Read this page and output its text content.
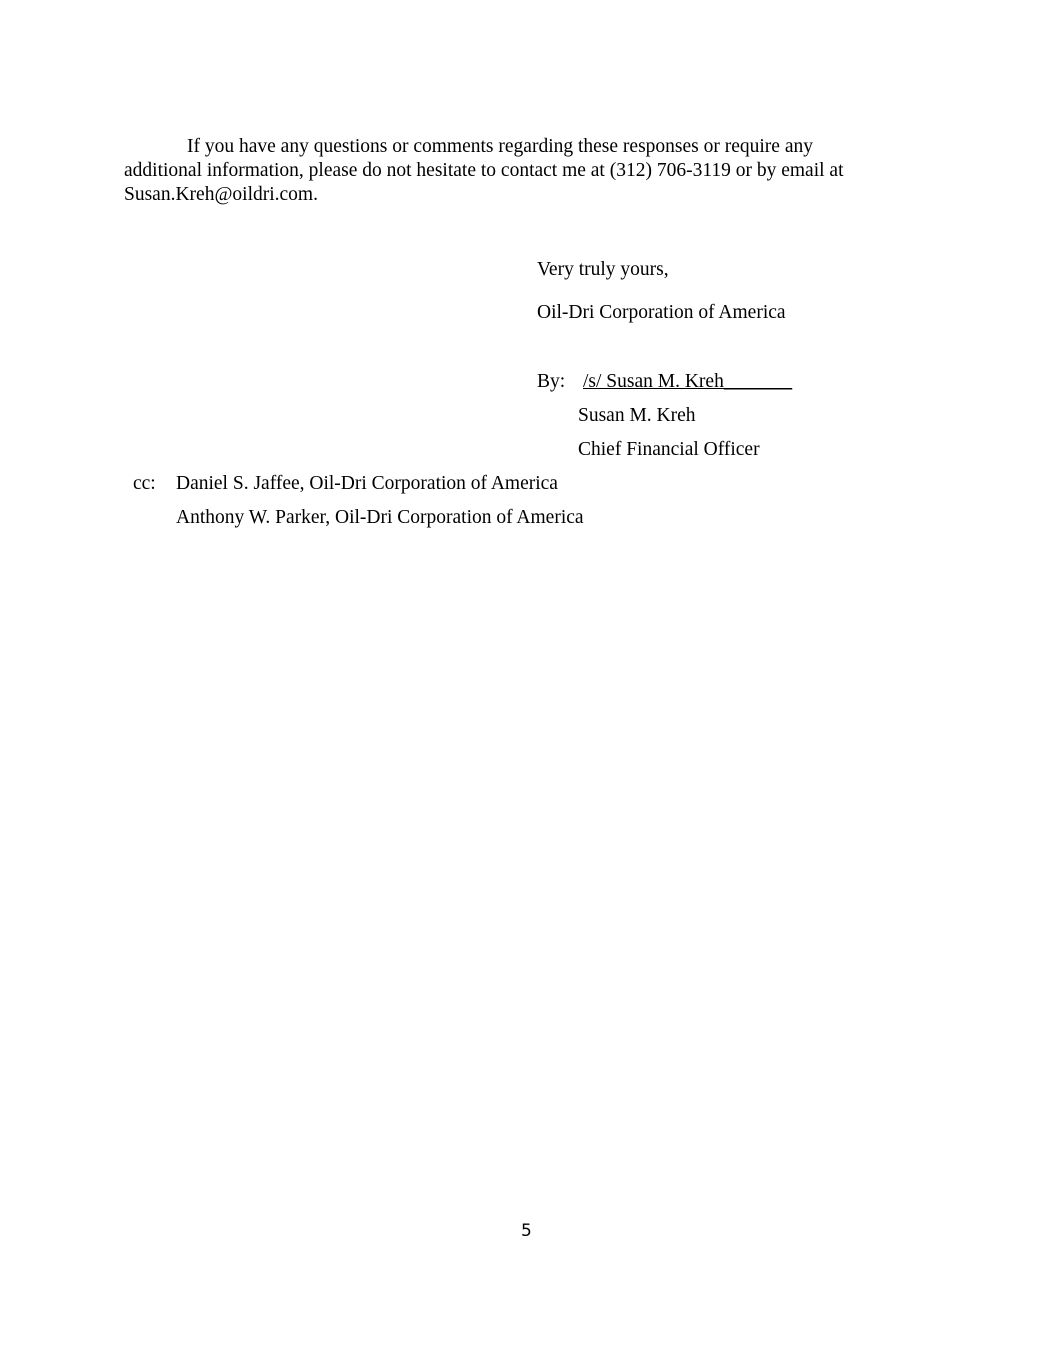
If you have any questions or comments regarding these responses or require any
additional information, please do not hesitate to contact me at (312) 706-3119 or by email at
Susan.Kreh@oildri.com.
Very truly yours,
Oil-Dri Corporation of America
By: /s/ Susan M. Kreh_______
Susan M. Kreh
Chief Financial Officer
cc: Daniel S. Jaffee, Oil-Dri Corporation of America
Anthony W. Parker, Oil-Dri Corporation of America
5
